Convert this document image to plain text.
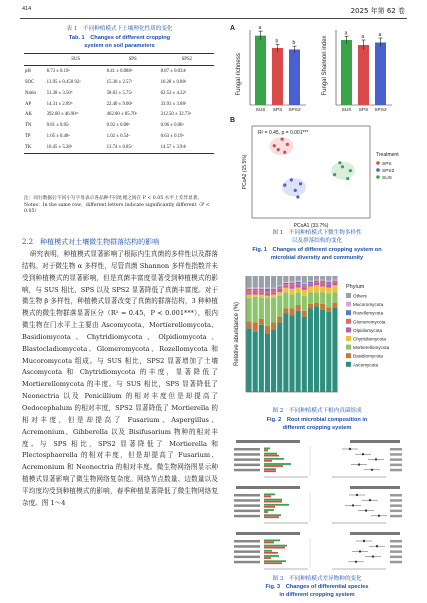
414	2025 年第 62 卷
表 1　不同种植模式下土壤理化性质的变化
Tab. 1　Changes of different cropping
system on soil parameters
	SUS	SPS	SPS2
pH	8.73 ± 0.19ᵃ	8.41 ± 0.088ᵇ	8.87 ± 0.034ᵃ
SOC	13.95 ± 0.450 92ᵃ	15.30 ± 2.57ᵃ	16.28 ± 0.88ᵃ
Nmin	51.38 ± 3.50ᵇ	58.83 ± 5.75ᵃ	62.53 ± 4.22ᵃ
AP	14.31 ± 2.89ᵇ	22.40 ± 9.00ᵇ	33.93 ± 3.88ᵃ
AK	392.00 ± 46.90ᵃᵇ	462.00 ± 85.70ᵃ	312.50 ± 32.73ᵇ
TN	0.81 ± 0.05ᶜ	0.92 ± 0.08ᵇ	0.96 ± 0.06ᵃ
TP	1.05 ± 0.48ᵃ	1.02 ± 0.54ᵃ	0.63 ± 0.19ᵃ
TK	16.45 ± 5.28ᵃ	13.74 ± 0.85ᵃ	14.57 ± 3.94ᵃ
注：同行数据后不同小写字母表示各品种不同处理之间在 P < 0.05 水平上差异显著。
Notes：In the same row，different letters indicate significantly different（P < 0.05）
2.2　种植模式对土壤微生物群落结构的影响

研究表明，种植模式显著影响了根际内生真菌的多样性以及群落结构。对于微生物 α 多样性，尽管真菌 Shannon 多样性指数并未受到种植模式的显著影响，但是真菌丰富度显著受到种植模式的影响，与 SUS 相比，SPS 以及 SPS2 显著降低了真菌丰富度。对于微生物 β 多样性，种植模式显著改变了真菌的群落结构，3 种种植模式的微生物群落显著区分（R² = 0.45，P < 0.001***），根内微生物在门水平上主要由 Ascomycota、Mortierellomycota、Basidiomycota、Chytridiomycota、Olpidiomycota、Blastocladiomycota、Glomeromycota、Rozellomycota 和 Mucoromycota 组成。与 SUS 相比，SPS2 显著增加了土壤 Ascomycota 和 Chytridiomycota 的丰度，显著降低了 Mortierellomycota 的丰度。与 SUS 相比，SPS 显著降低了 Neonectria 以及 Penicillium 的相对丰度但是却提高了 Oedocephalum 的相对丰度，SPS2 显著降低了 Mortierella 的相对丰度，但是却提高了 Fusarium、Aspergillus、Acremonium、Gibberella 以及 Bisifusarium 物种的相对丰度。与 SPS 相比，SPS2 显著降低了 Mortierella 和 Plectosphaerella 的相对丰度，但是却提高了 Fusarium、Acremonium 和 Neonectria 的相对丰度。微生物网络图显示种植模式显著影响了微生物网络复杂度。网络节点数量、边数量以及平均度均受到种植模式的影响，春季种植显著降低了微生物网络复杂度。图 1～4

A
Fungal richness
a
SUS
b
SPS
b
SPS2
Fungal Shannon index
a
SUS
a
SPS
a
SPS2
B
R² = 0.45, p = 0.001***
PCoA1 (33.7%)
PCoA2 (15.5%)	Treatment
SPS
SPS2
SUS
图 1　不同种植模式下微生物多样性
以及群落结构的变化
Fig. 1　Changes of different cropping system on
microbial diversity and community
Relative abundance (%)
Phylum
Others
Mucoromycota
Rozellomycota
Glomeromycota
Olpidiomycota
Chytridiomycota
Mortierellomycota
Basidiomycota
Ascomycota
图 2　不同种植模式下根内真菌组成
Fig. 2　Root microbial composition in
different cropping system
图 3　不同种植模式差异物种的变化
Fig. 3　Changes of differential species
in different cropping system
